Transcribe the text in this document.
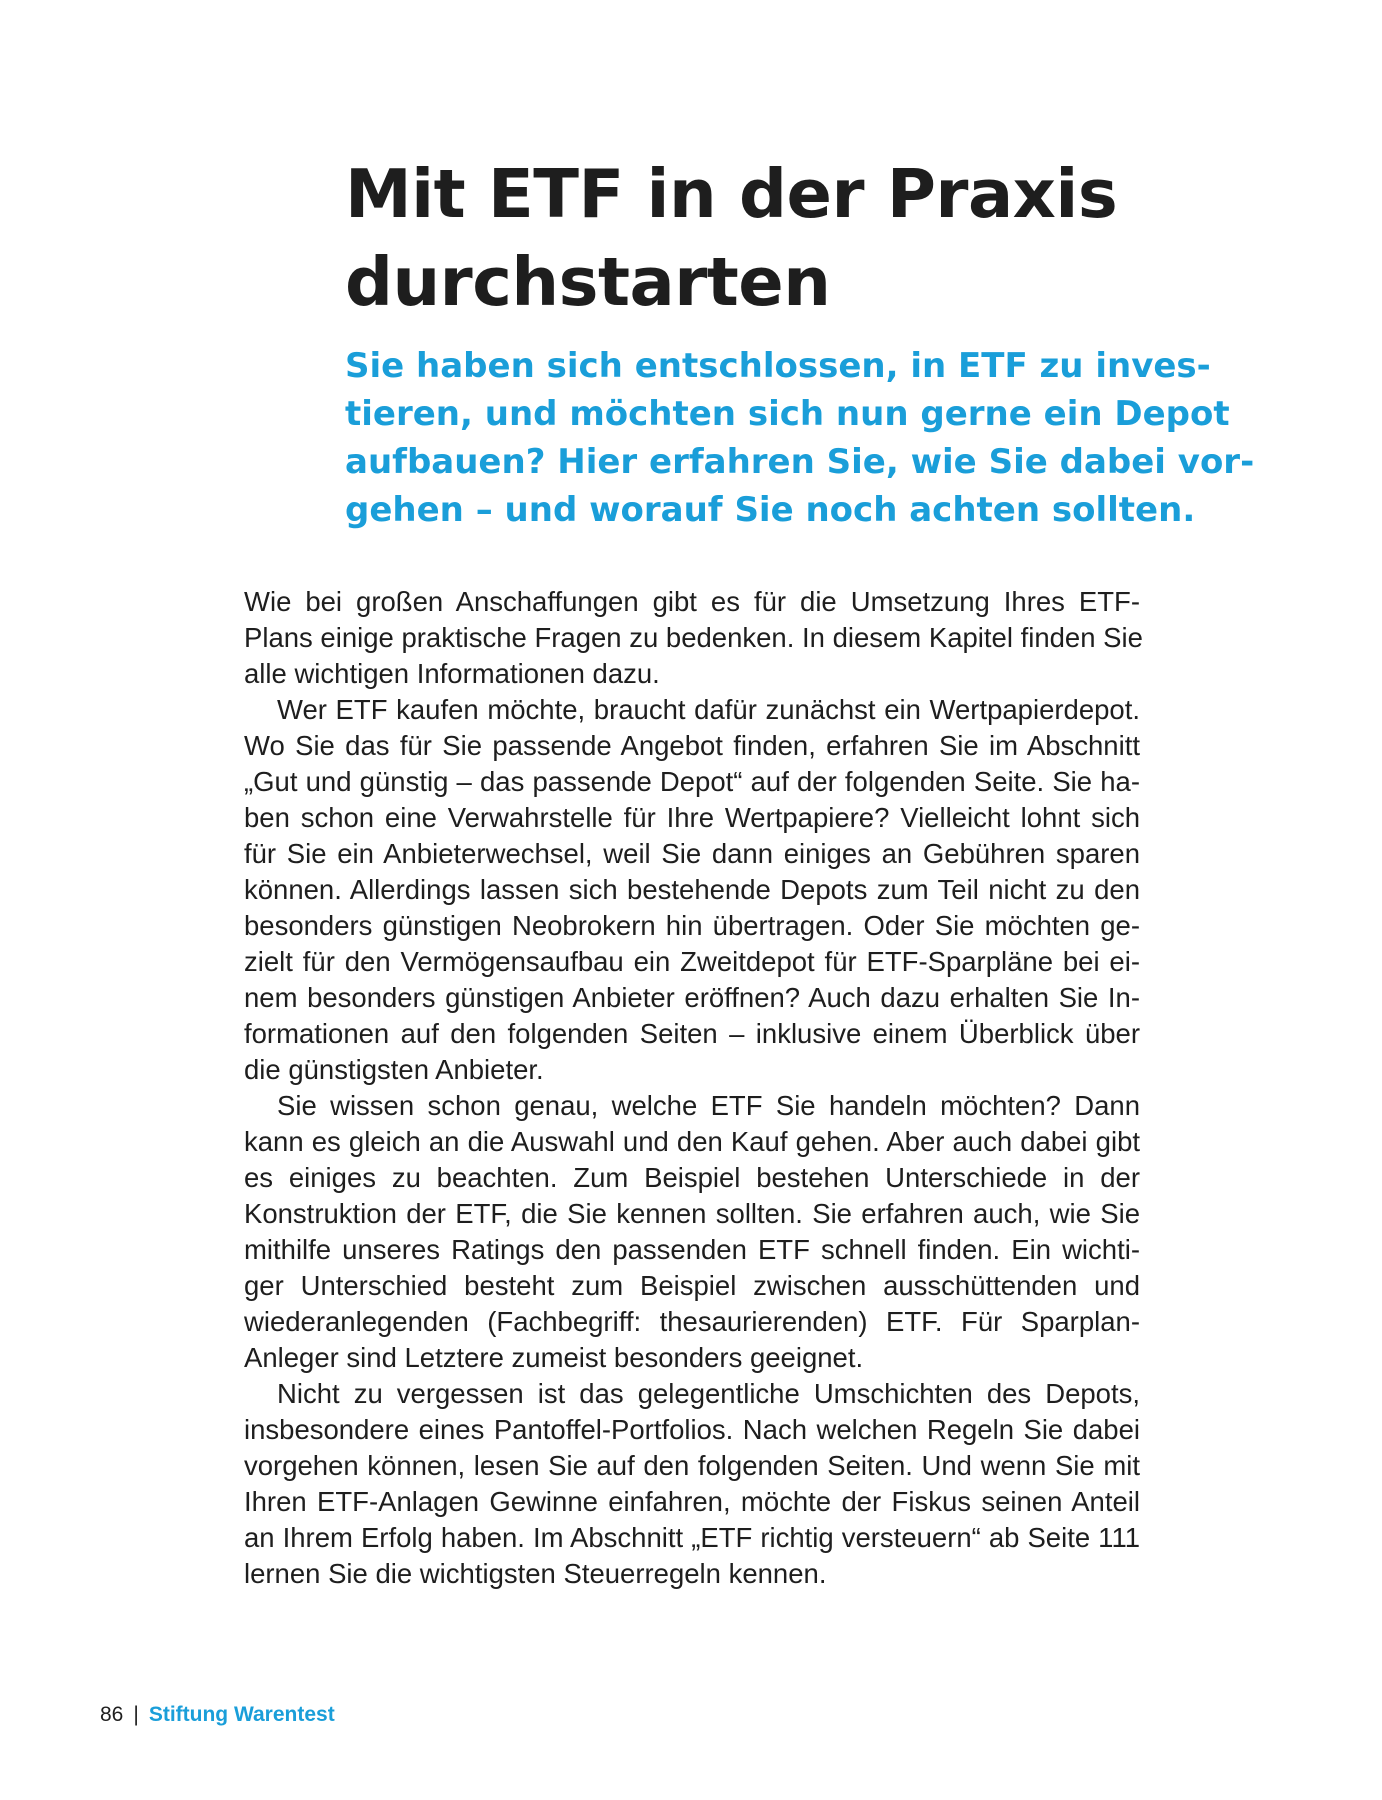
Mit ETF in der Praxis
durchstarten
Sie haben sich entschlossen, in ETF zu inves-
tieren, und möchten sich nun gerne ein Depot
aufbauen? Hier erfahren Sie, wie Sie dabei vor-
gehen – und worauf Sie noch achten sollten.
Wie bei großen Anschaffungen gibt es für die Umsetzung Ihres ETF-
Plans einige praktische Fragen zu bedenken. In diesem Kapitel finden Sie
alle wichtigen Informationen dazu.
Wer ETF kaufen möchte, braucht dafür zunächst ein Wertpapierdepot.
Wo Sie das für Sie passende Angebot finden, erfahren Sie im Abschnitt
„Gut und günstig – das passende Depot“ auf der folgenden Seite. Sie ha-
ben schon eine Verwahrstelle für Ihre Wertpapiere? Vielleicht lohnt sich
für Sie ein Anbieterwechsel, weil Sie dann einiges an Gebühren sparen
können. Allerdings lassen sich bestehende Depots zum Teil nicht zu den
besonders günstigen Neobrokern hin übertragen. Oder Sie möchten ge-
zielt für den Vermögensaufbau ein Zweitdepot für ETF-Sparpläne bei ei-
nem besonders günstigen Anbieter eröffnen? Auch dazu erhalten Sie In-
formationen auf den folgenden Seiten – inklusive einem Überblick über
die günstigsten Anbieter.
Sie wissen schon genau, welche ETF Sie handeln möchten? Dann
kann es gleich an die Auswahl und den Kauf gehen. Aber auch dabei gibt
es einiges zu beachten. Zum Beispiel bestehen Unterschiede in der
Konstruktion der ETF, die Sie kennen sollten. Sie erfahren auch, wie Sie
mithilfe unseres Ratings den passenden ETF schnell finden. Ein wichti-
ger Unterschied besteht zum Beispiel zwischen ausschüttenden und
wiederanlegenden (Fachbegriff: thesaurierenden) ETF. Für Sparplan-
Anleger sind Letztere zumeist besonders geeignet.
Nicht zu vergessen ist das gelegentliche Umschichten des Depots,
insbesondere eines Pantoffel-Portfolios. Nach welchen Regeln Sie dabei
vorgehen können, lesen Sie auf den folgenden Seiten. Und wenn Sie mit
Ihren ETF-Anlagen Gewinne einfahren, möchte der Fiskus seinen Anteil
an Ihrem Erfolg haben. Im Abschnitt „ETF richtig versteuern“ ab Seite 111
lernen Sie die wichtigsten Steuerregeln kennen.
86 | Stiftung Warentest
